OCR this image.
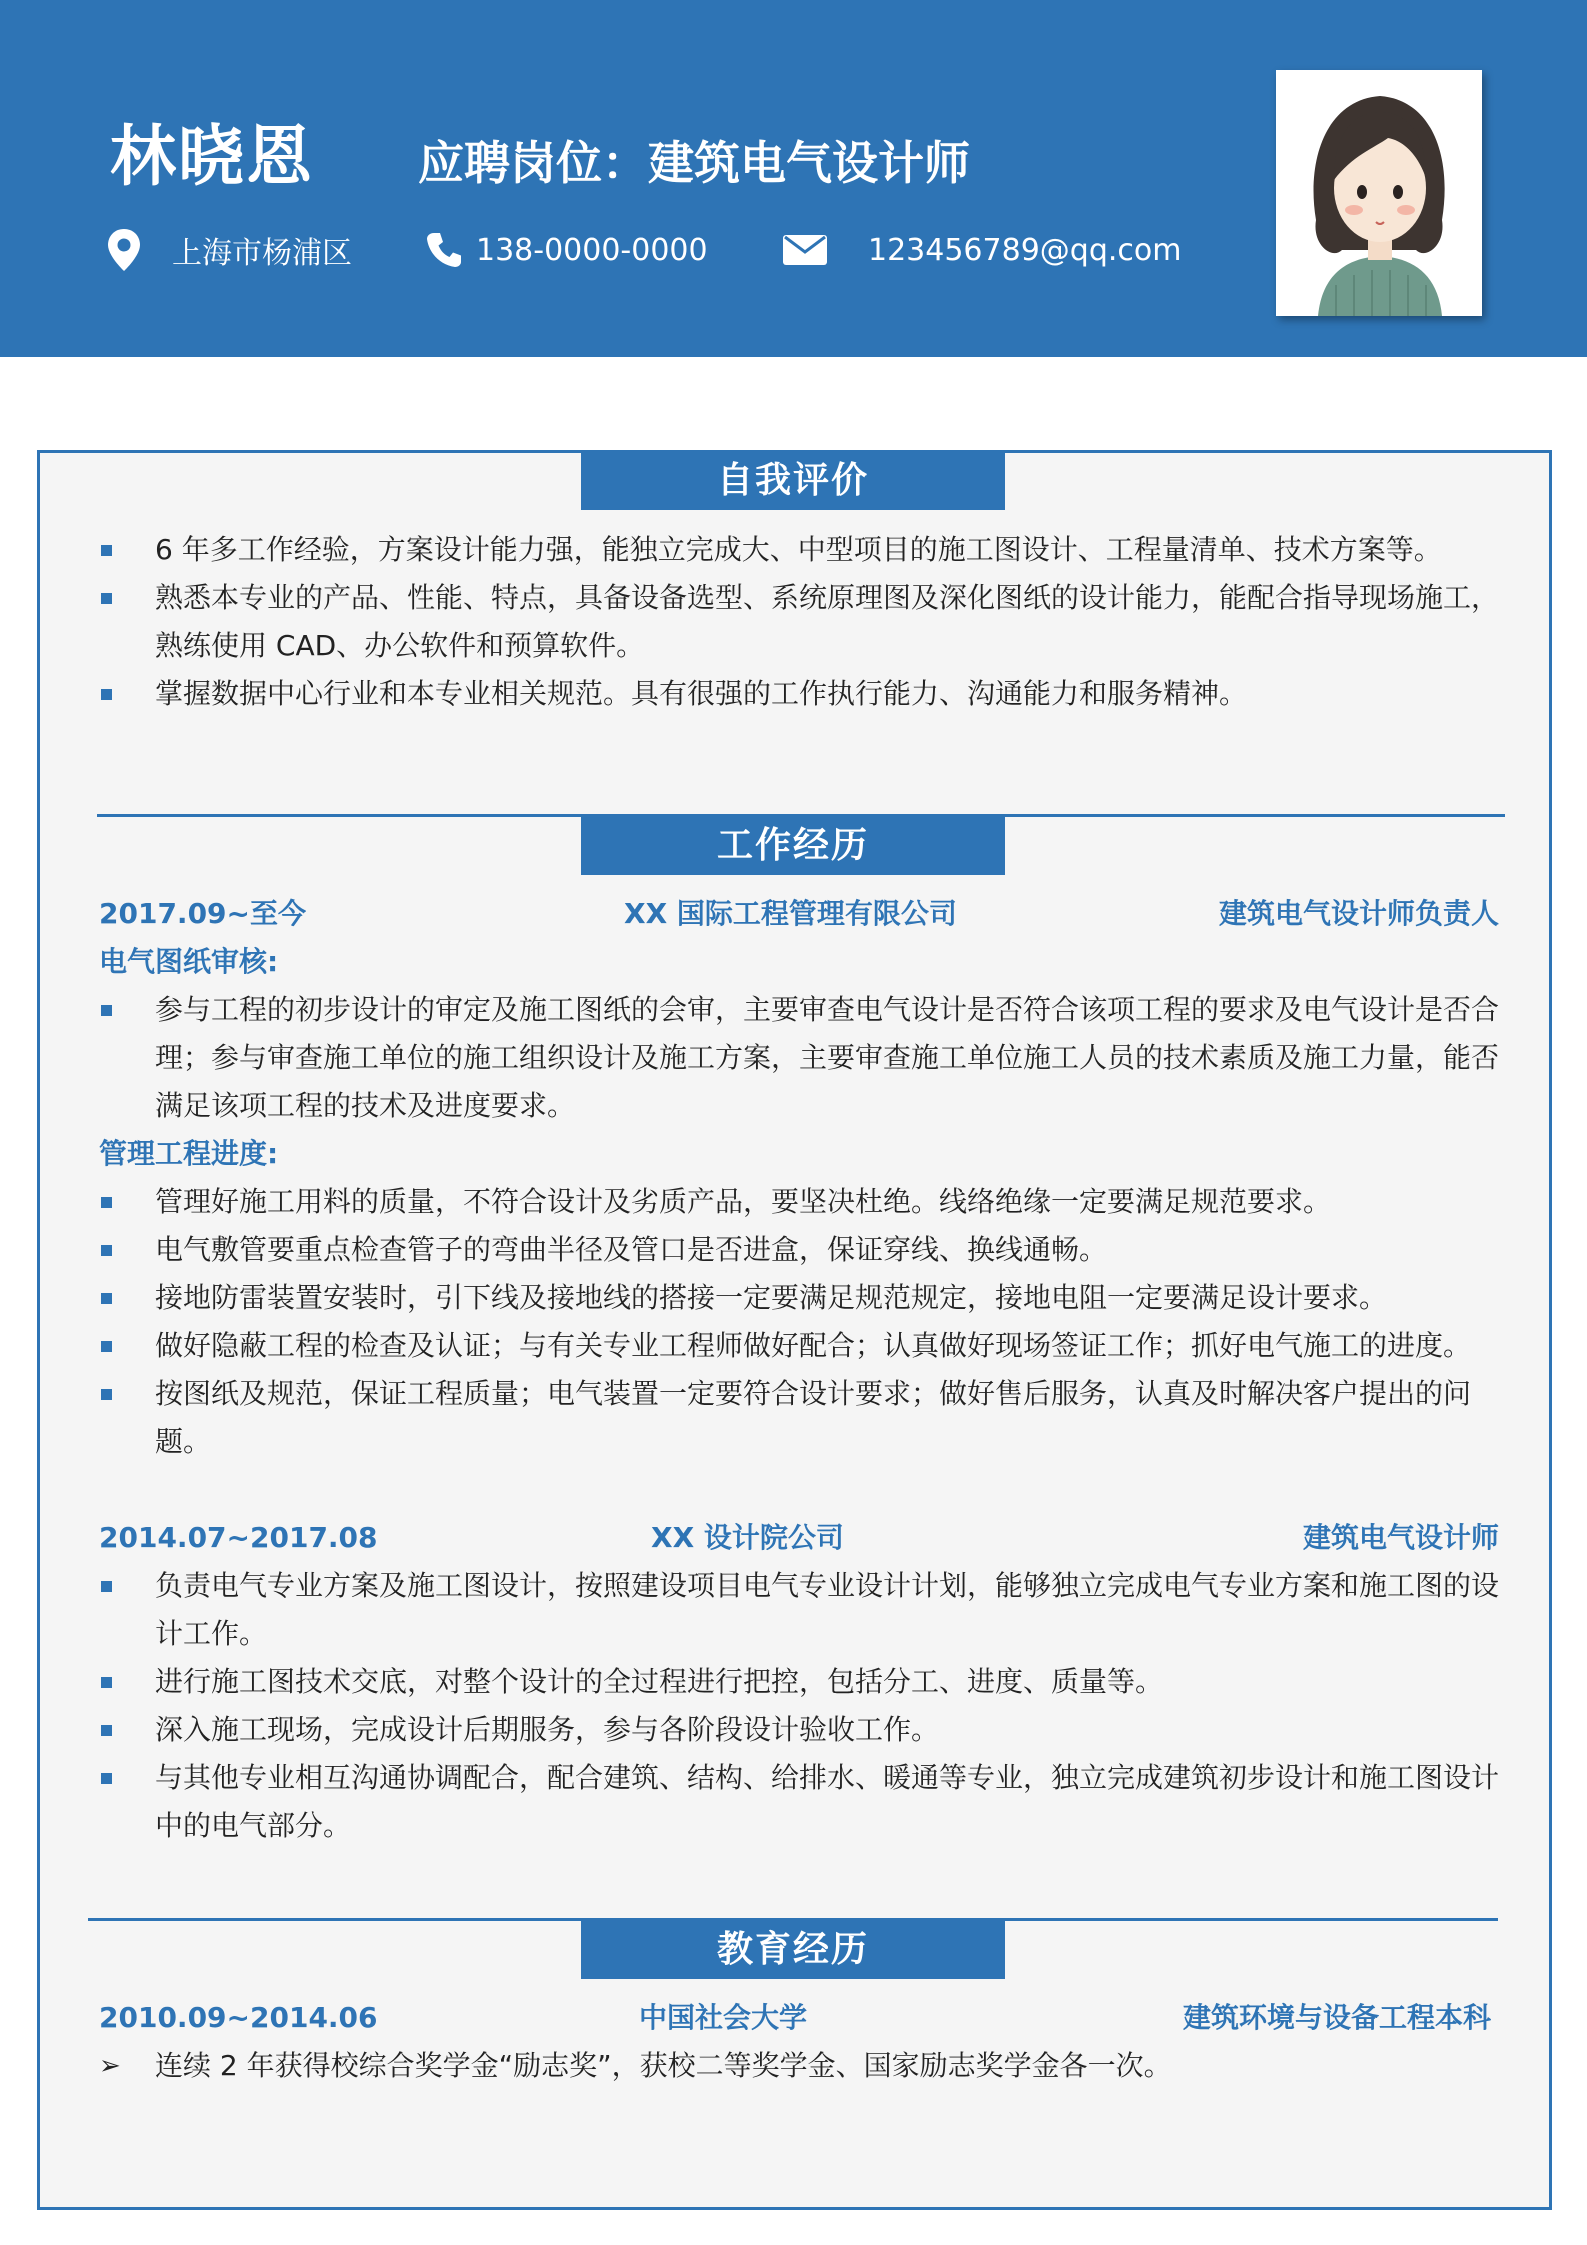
林晓恩 应聘岗位：建筑电气设计师
上海市杨浦区	138-0000-0000	123456789@qq.com
自我评价
6 年多工作经验，方案设计能力强，能独立完成大、中型项目的施工图设计、工程量清单、技术方案等。
熟悉本专业的产品、性能、特点，具备设备选型、系统原理图及深化图纸的设计能力，能配合指导现场施工，熟练使用 CAD、办公软件和预算软件。
掌握数据中心行业和本专业相关规范。具有很强的工作执行能力、沟通能力和服务精神。
工作经历
2017.09~至今	XX 国际工程管理有限公司	建筑电气设计师负责人
电气图纸审核:
参与工程的初步设计的审定及施工图纸的会审，主要审查电气设计是否符合该项工程的要求及电气设计是否合理；参与审查施工单位的施工组织设计及施工方案，主要审查施工单位施工人员的技术素质及施工力量，能否满足该项工程的技术及进度要求。
管理工程进度:
管理好施工用料的质量，不符合设计及劣质产品，要坚决杜绝。线络绝缘一定要满足规范要求。
电气敷管要重点检查管子的弯曲半径及管口是否进盒，保证穿线、换线通畅。
接地防雷装置安装时，引下线及接地线的搭接一定要满足规范规定，接地电阻一定要满足设计要求。
做好隐蔽工程的检查及认证；与有关专业工程师做好配合；认真做好现场签证工作；抓好电气施工的进度。
按图纸及规范，保证工程质量；电气装置一定要符合设计要求；做好售后服务，认真及时解决客户提出的问题。
2014.07~2017.08	XX 设计院公司	建筑电气设计师
负责电气专业方案及施工图设计，按照建设项目电气专业设计计划，能够独立完成电气专业方案和施工图的设计工作。
进行施工图技术交底，对整个设计的全过程进行把控，包括分工、进度、质量等。
深入施工现场，完成设计后期服务，参与各阶段设计验收工作。
与其他专业相互沟通协调配合，配合建筑、结构、给排水、暖通等专业，独立完成建筑初步设计和施工图设计中的电气部分。
教育经历
2010.09~2014.06	中国社会大学	建筑环境与设备工程本科
➢ 连续 2 年获得校综合奖学金“励志奖”，获校二等奖学金、国家励志奖学金各一次。
